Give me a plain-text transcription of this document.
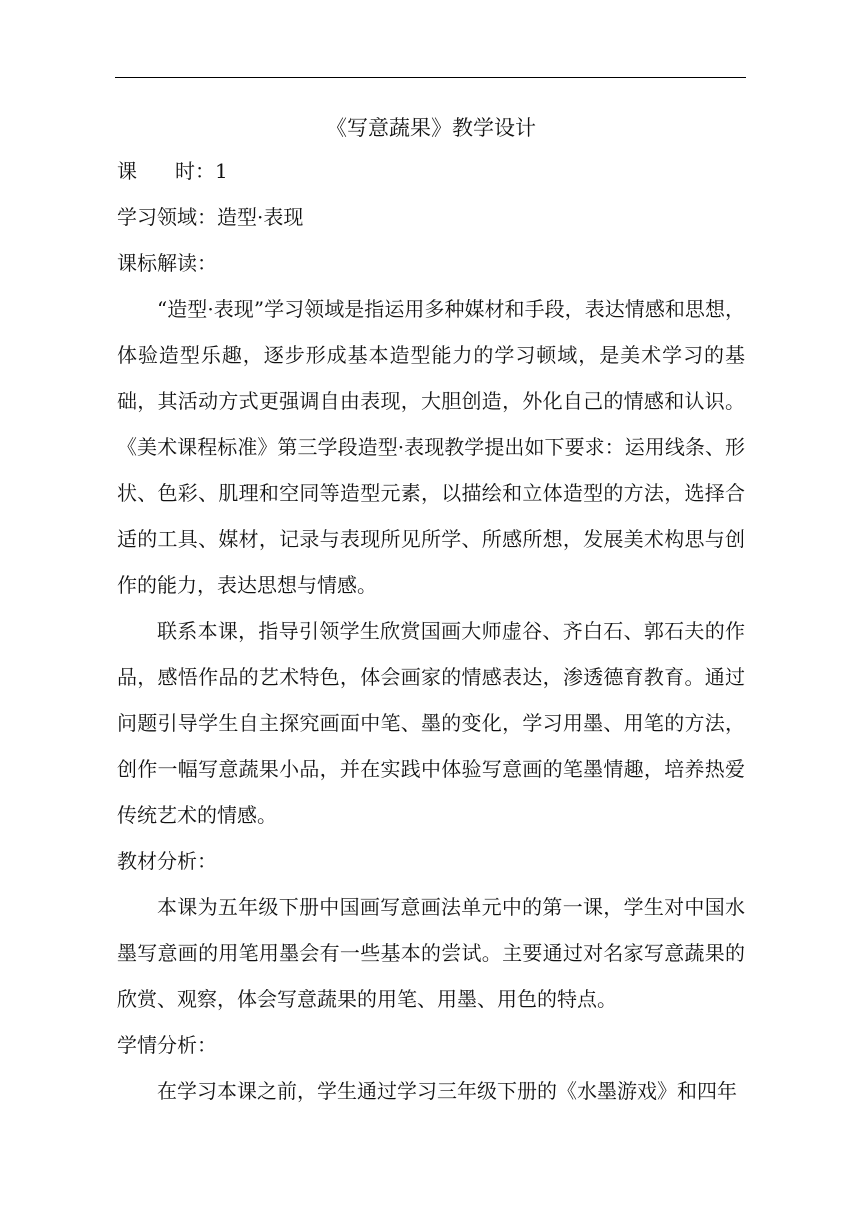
《写意蔬果》教学设计

课 时：1

学习领域：造型·表现

课标解读：

“造型·表现”学习领域是指运用多种媒材和手段，表达情感和思想，体验造型乐趣，逐步形成基本造型能力的学习顿域，是美术学习的基础，其活动方式更强调自由表现，大胆创造，外化自己的情感和认识。《美术课程标准》第三学段造型·表现教学提出如下要求：运用线条、形状、色彩、肌理和空同等造型元素，以描绘和立体造型的方法，选择合适的工具、媒材，记录与表现所见所学、所感所想，发展美术构思与创作的能力，表达思想与情感。

联系本课，指导引领学生欣赏国画大师虚谷、齐白石、郭石夫的作品，感悟作品的艺术特色，体会画家的情感表达，渗透德育教育。通过问题引导学生自主探究画面中笔、墨的变化，学习用墨、用笔的方法，创作一幅写意蔬果小品，并在实践中体验写意画的笔墨情趣，培养热爱传统艺术的情感。

教材分析：

本课为五年级下册中国画写意画法单元中的第一课，学生对中国水墨写意画的用笔用墨会有一些基本的尝试。主要通过对名家写意蔬果的欣赏、观察，体会写意蔬果的用笔、用墨、用色的特点。

学情分析：

在学习本课之前，学生通过学习三年级下册的《水墨游戏》和四年
